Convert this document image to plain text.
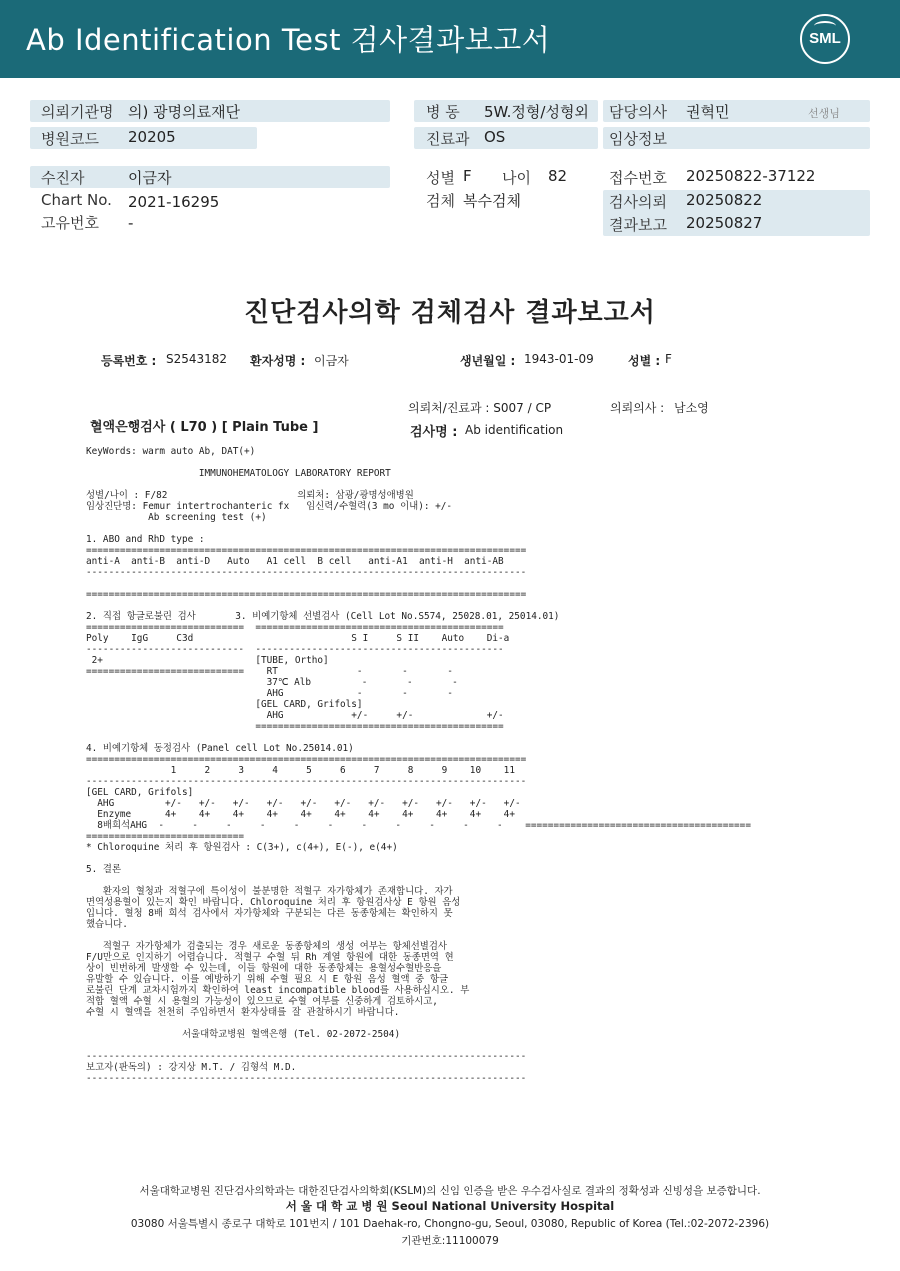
Ab Identification Test 검사결과보고서	SML
의뢰기관명 의) 광명의료재단
병원코드 20205
병 동 5W.정형/성형외
진료과 OS
담당의사 권혁민	선생님
임상정보
수진자	이금자
Chart No. 2021-16295
고유번호 -
성별 F 나이 82
검체 복수검체
접수번호 20250822-37122
검사의뢰 20250822
결과보고 20250827
진단검사의학 검체검사 결과보고서
등록번호 : S2543182 환자성명 : 이금자	생년월일 : 1943-01-09	성별 : F
의뢰처/진료과 : S007 / CP	의뢰의사 : 남소영
혈액은행검사 ( L70 ) [ Plain Tube ]	검사명 : Ab identification
KeyWords: warm auto Ab, DAT(+)

IMMUNOHEMATOLOGY LABORATORY REPORT

성별/나이 : F/82                       의뢰처: 삼광/광명성애병원
임상진단명: Femur intertrochanteric fx   임신력/수혈력(3 mo 이내): +/-
Ab screening test (+)

1. ABO and RhD type :
==============================================================================
anti-A  anti-B  anti-D   Auto   A1 cell  B cell   anti-A1  anti-H  anti-AB
------------------------------------------------------------------------------

==============================================================================

2. 직접 항글로불린 검사       3. 비예기항체 선별검사 (Cell Lot No.S574, 25028.01, 25014.01)
============================  ============================================
Poly    IgG     C3d                            S I     S II    Auto    Di-a
----------------------------  --------------------------------------------
2+                           [TUBE, Ortho]
============================    RT              -       -       -
37℃ Alb         -       -       -
AHG             -       -       -
[GEL CARD, Grifols]
AHG            +/-     +/-             +/-
============================================

4. 비예기항체 동정검사 (Panel cell Lot No.25014.01)
==============================================================================
1     2     3     4     5     6     7     8     9    10    11
------------------------------------------------------------------------------
[GEL CARD, Grifols]
AHG         +/-   +/-   +/-   +/-   +/-   +/-   +/-   +/-   +/-   +/-   +/-
Enzyme      4+    4+    4+    4+    4+    4+    4+    4+    4+    4+    4+
8배희석AHG  -     -     -     -     -     -     -     -     -     -     -    ========================================
============================
* Chloroquine 처리 후 항원검사 : C(3+), c(4+), E(-), e(4+)

5. 결론

환자의 혈청과 적혈구에 특이성이 불분명한 적혈구 자가항체가 존재합니다. 자가
면역성용혈이 있는지 확인 바랍니다. Chloroquine 처리 후 항원검사상 E 항원 음성
입니다. 혈청 8배 희석 검사에서 자가항체와 구분되는 다른 동종항체는 확인하지 못
했습니다.

적혈구 자가항체가 검출되는 경우 새로운 동종항체의 생성 여부는 항체선별검사
F/U만으로 인지하기 어렵습니다. 적혈구 수혈 뒤 Rh 계열 항원에 대한 동종면역 현
상이 빈번하게 발생할 수 있는데, 이들 항원에 대한 동종항체는 용혈성수혈반응을
유발할 수 있습니다. 이를 예방하기 위해 수혈 필요 시 E 항원 음성 혈액 중 항글
로불린 단계 교차시험까지 확인하여 least incompatible blood를 사용하십시오. 부
적합 혈액 수혈 시 용혈의 가능성이 있으므로 수혈 여부를 신중하게 검토하시고,
수혈 시 혈액을 천천히 주입하면서 환자상태를 잘 관찰하시기 바랍니다.

서울대학교병원 혈액은행 (Tel. 02-2072-2504)

------------------------------------------------------------------------------
보고자(판독의) : 강지상 M.T. / 김형석 M.D.
------------------------------------------------------------------------------
서울대학교병원 진단검사의학과는 대한진단검사의학회(KSLM)의 신임 인증을 받은 우수검사실로 결과의 정확성과 신빙성을 보증합니다.
서 울 대 학 교 병 원 Seoul National University Hospital
03080 서울특별시 종로구 대학로 101번지 / 101 Daehak-ro, Chongno-gu, Seoul, 03080, Republic of Korea (Tel.:02-2072-2396)
기관번호:11100079
